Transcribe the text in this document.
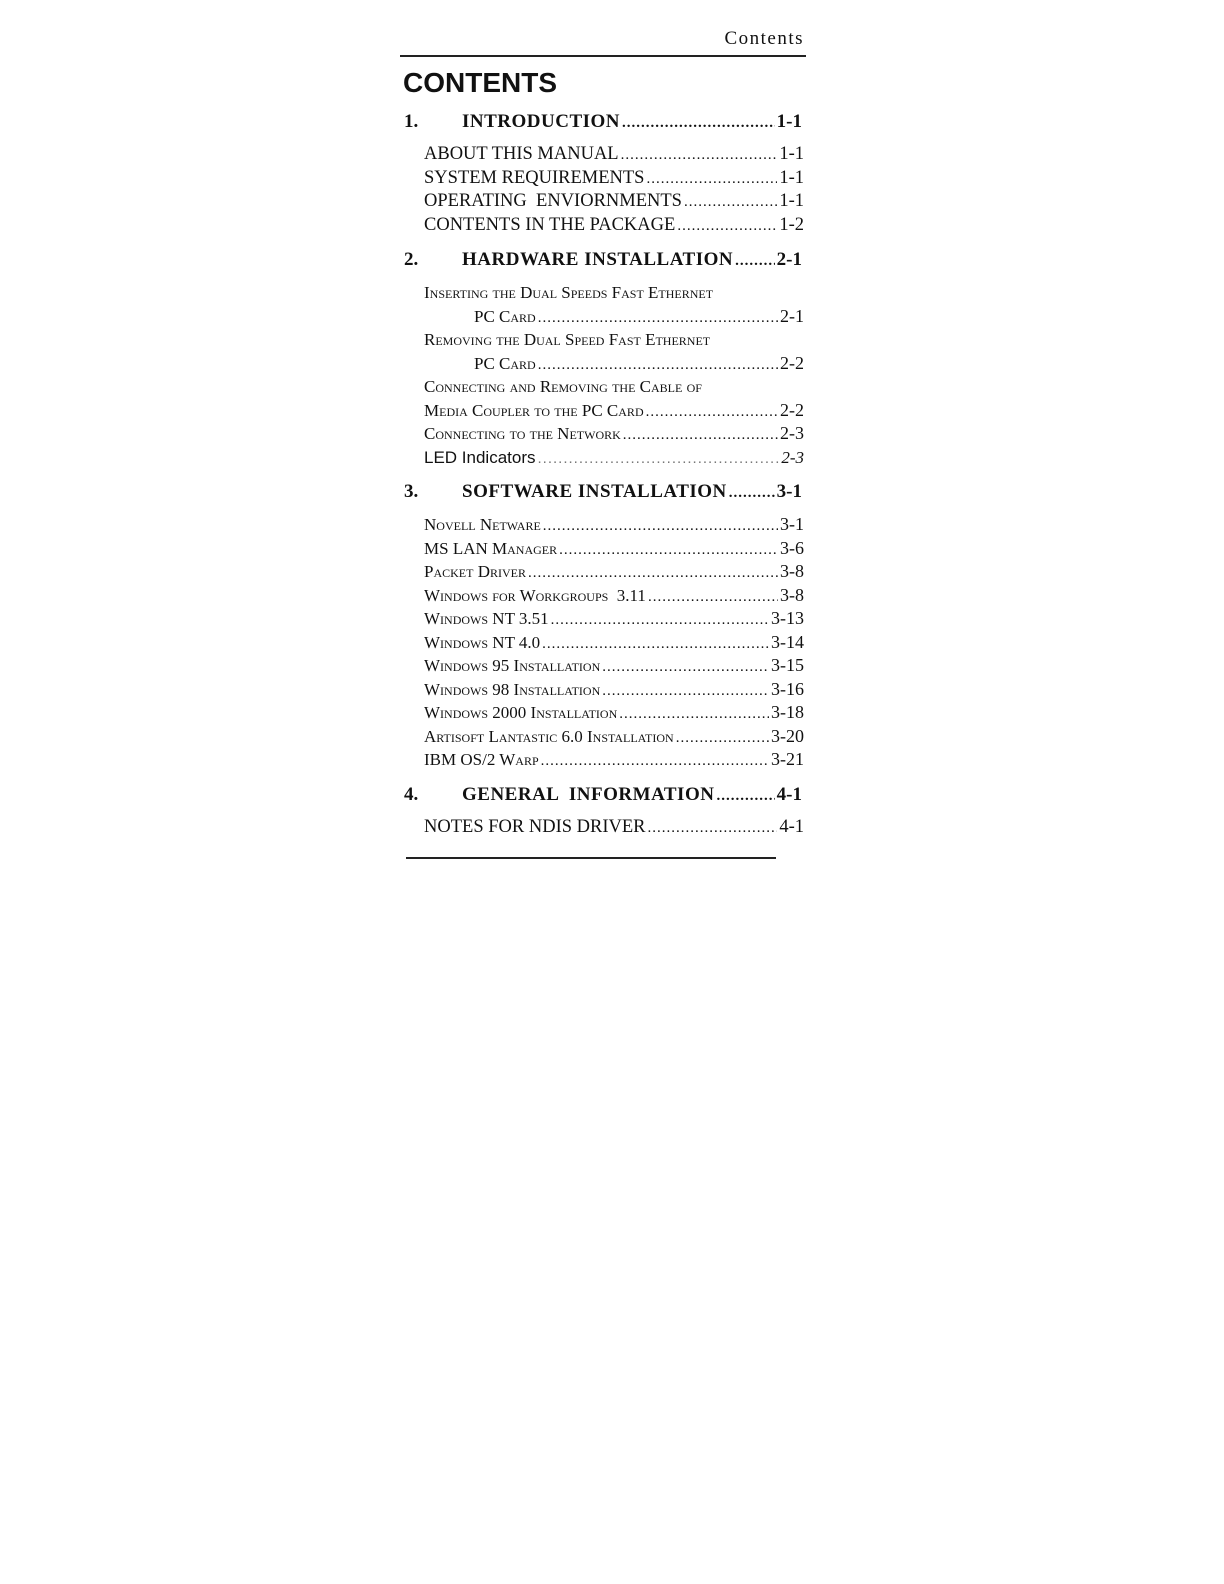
Contents
CONTENTS
1.	INTRODUCTION .....	1-1
ABOUT THIS MANUAL .....	1-1
SYSTEM REQUIREMENTS .....	1-1
OPERATING  ENVIORNMENTS .....	1-1
CONTENTS IN THE PACKAGE .....	1-2
2.	HARDWARE INSTALLATION ..... 2-1
Inserting the Dual Speeds Fast Ethernet
PC Card .....	2-1
Removing the Dual Speed Fast Ethernet
PC Card .....	2-2
Connecting and Removing the Cable of
Media Coupler to the PC Card .....	2-2
Connecting to the Network .....	2-3
LED Indicators .....	2-3
3.	SOFTWARE INSTALLATION .....	3-1
Novell Netware .....	3-1
MS LAN Manager .....	3-6
Packet Driver .....	3-8
Windows for Workgroups  3.11 .....	3-8
Windows NT 3.51 .....	3-13
Windows NT 4.0 .....	3-14
Windows 95 Installation .....	3-15
Windows 98 Installation .....	3-16
Windows 2000 Installation .....	3-18
Artisoft Lantastic 6.0 Installation .....	3-20
IBM OS/2 Warp .....	3-21
4.	GENERAL  INFORMATION .....	4-1
NOTES FOR NDIS DRIVER .....	4-1
